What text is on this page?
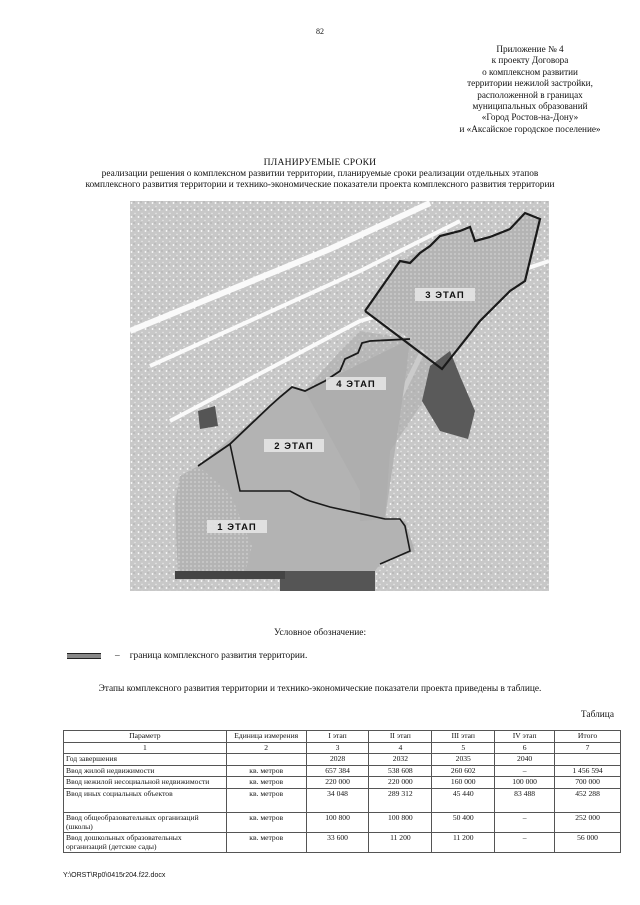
82
Приложение № 4
к проекту Договора
о комплексном развитии
территории нежилой застройки,
расположенной в границах
муниципальных образований
«Город Ростов-на-Дону»
и «Аксайское городское поселение»
ПЛАНИРУЕМЫЕ СРОКИ
реализации решения о комплексном развитии территории, планируемые сроки реализации отдельных этапов
комплексного развития территории и технико-экономические показатели проекта комплексного развития территории
3 ЭТАП
4 ЭТАП
2 ЭТАП
1 ЭТАП
Условное обозначение:
– граница комплексного развития территории.
Этапы комплексного развития территории и технико-экономические показатели проекта приведены в таблице.
Таблица
Параметр	Единица измерения	I этап	II этап	III этап	IV этап	Итого
1	2	3	4	5	6	7
Год завершения		2028	2032	2035	2040	
Ввод жилой недвижимости	кв. метров	657 384	538 608	260 602	–	1 456 594
Ввод нежилой несоциальной недвижимости	кв. метров	220 000	220 000	160 000	100 000	700 000
Ввод иных социальных объектов	кв. метров	34 048	289 312	45 440	83 488	452 288
Ввод общеобразовательных организаций (школы)	кв. метров	100 800	100 800	50 400	–	252 000
Ввод дошкольных образовательных организаций (детские сады)	кв. метров	33 600	11 200	11 200	–	56 000
Y:\ORST\Rp0\0415r204.f22.docx
